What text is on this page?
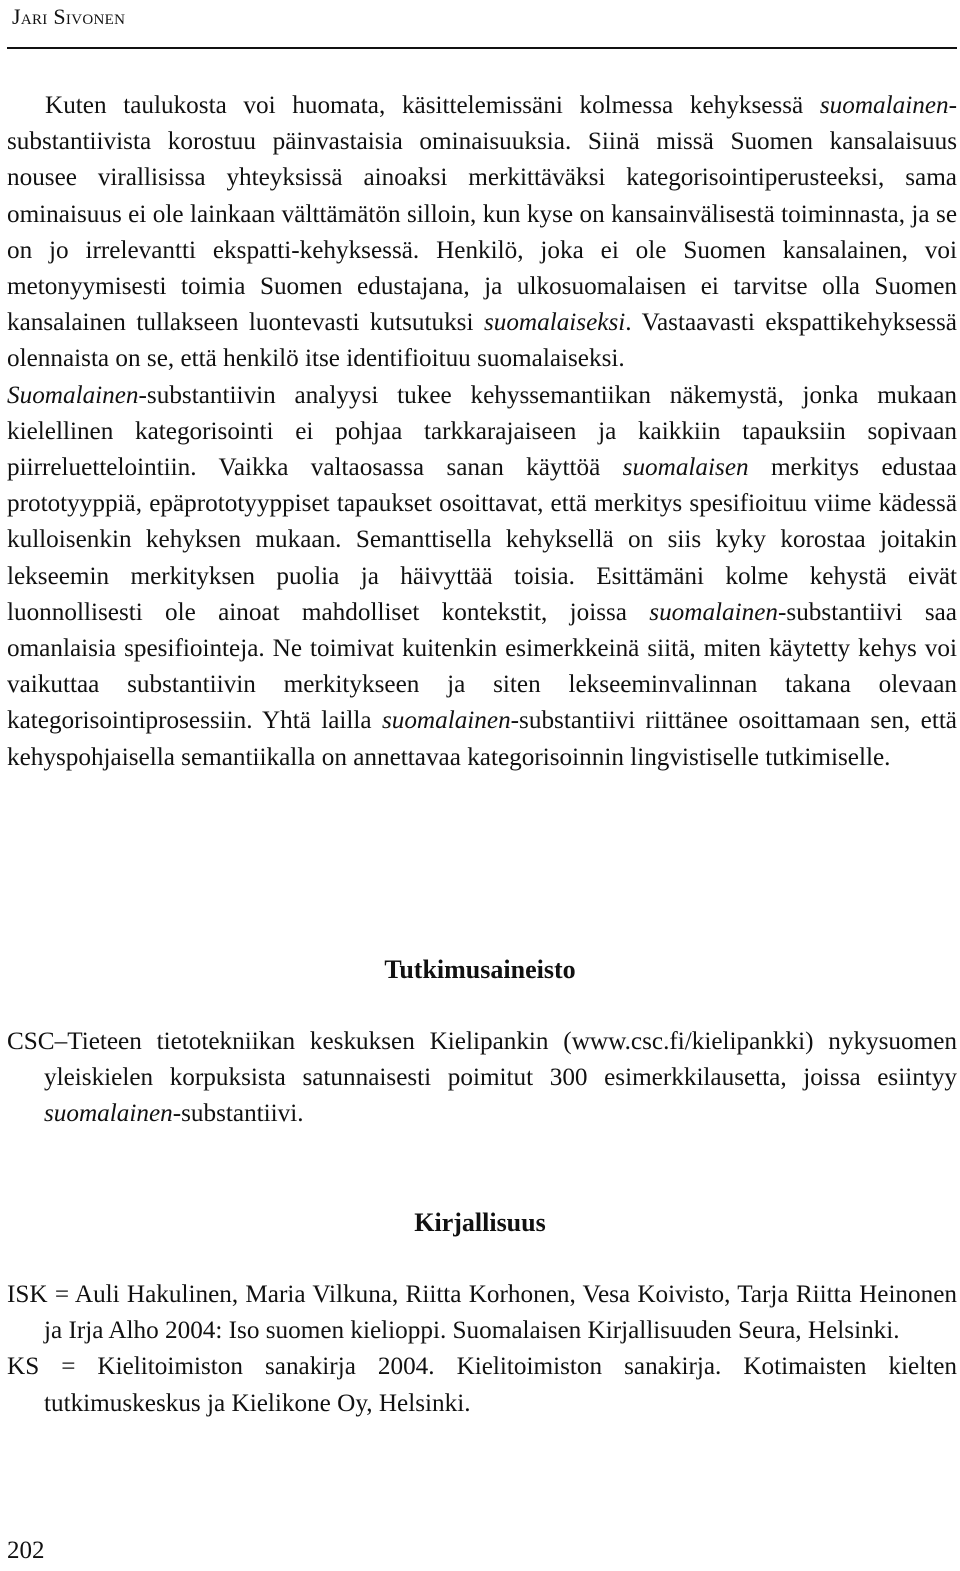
Jari Sivonen

Kuten taulukosta voi huomata, käsittelemissäni kolmessa kehyksessä suomalainen-substantiivista korostuu päinvastaisia ominaisuuksia. Siinä missä Suomen kansalaisuus nousee virallisissa yhteyksissä ainoaksi merkittäväksi kategorisointiperusteeksi, sama ominaisuus ei ole lainkaan välttämätön silloin, kun kyse on kansainvälisestä toiminnasta, ja se on jo irrelevantti ekspatti-kehyksessä. Henkilö, joka ei ole Suomen kansalainen, voi metonyymisesti toimia Suomen edustajana, ja ulkosuomalaisen ei tarvitse olla Suomen kansalainen tullakseen luontevasti kutsutuksi suomalaiseksi. Vastaavasti ekspattikehyksessä olennaista on se, että henkilö itse identifioituu suomalaiseksi.

Suomalainen-substantiivin analyysi tukee kehyssemantiikan näkemystä, jonka mukaan kielellinen kategorisointi ei pohjaa tarkkarajaiseen ja kaikkiin tapauksiin sopivaan piirreluettelointiin. Vaikka valtaosassa sanan käyttöä suomalaisen merkitys edustaa prototyyppiä, epäprototyyppiset tapaukset osoittavat, että merkitys spesifioituu viime kädessä kulloisenkin kehyksen mukaan. Semanttisella kehyksellä on siis kyky korostaa joitakin lekseemin merkityksen puolia ja häivyttää toisia. Esittämäni kolme kehystä eivät luonnollisesti ole ainoat mahdolliset kontekstit, joissa suomalainen-substantiivi saa omanlaisia spesifiointeja. Ne toimivat kuitenkin esimerkkeinä siitä, miten käytetty kehys voi vaikuttaa substantiivin merkitykseen ja siten lekseeminvalinnan takana olevaan kategorisointiprosessiin. Yhtä lailla suomalainen-substantiivi riittänee osoittamaan sen, että kehyspohjaisella semantiikalla on annettavaa kategorisoinnin lingvistiselle tutkimiselle.

Tutkimusaineisto

CSC–Tieteen tietotekniikan keskuksen Kielipankin (www.csc.fi/kielipankki) nykysuomen yleiskielen korpuksista satunnaisesti poimitut 300 esimerkkilausetta, joissa esiintyy suomalainen-substantiivi.

Kirjallisuus

ISK = Auli Hakulinen, Maria Vilkuna, Riitta Korhonen, Vesa Koivisto, Tarja Riitta Heinonen ja Irja Alho 2004: Iso suomen kielioppi. Suomalaisen Kirjallisuuden Seura, Helsinki.

KS = Kielitoimiston sanakirja 2004. Kielitoimiston sanakirja. Kotimaisten kielten tutkimuskeskus ja Kielikone Oy, Helsinki.

202
